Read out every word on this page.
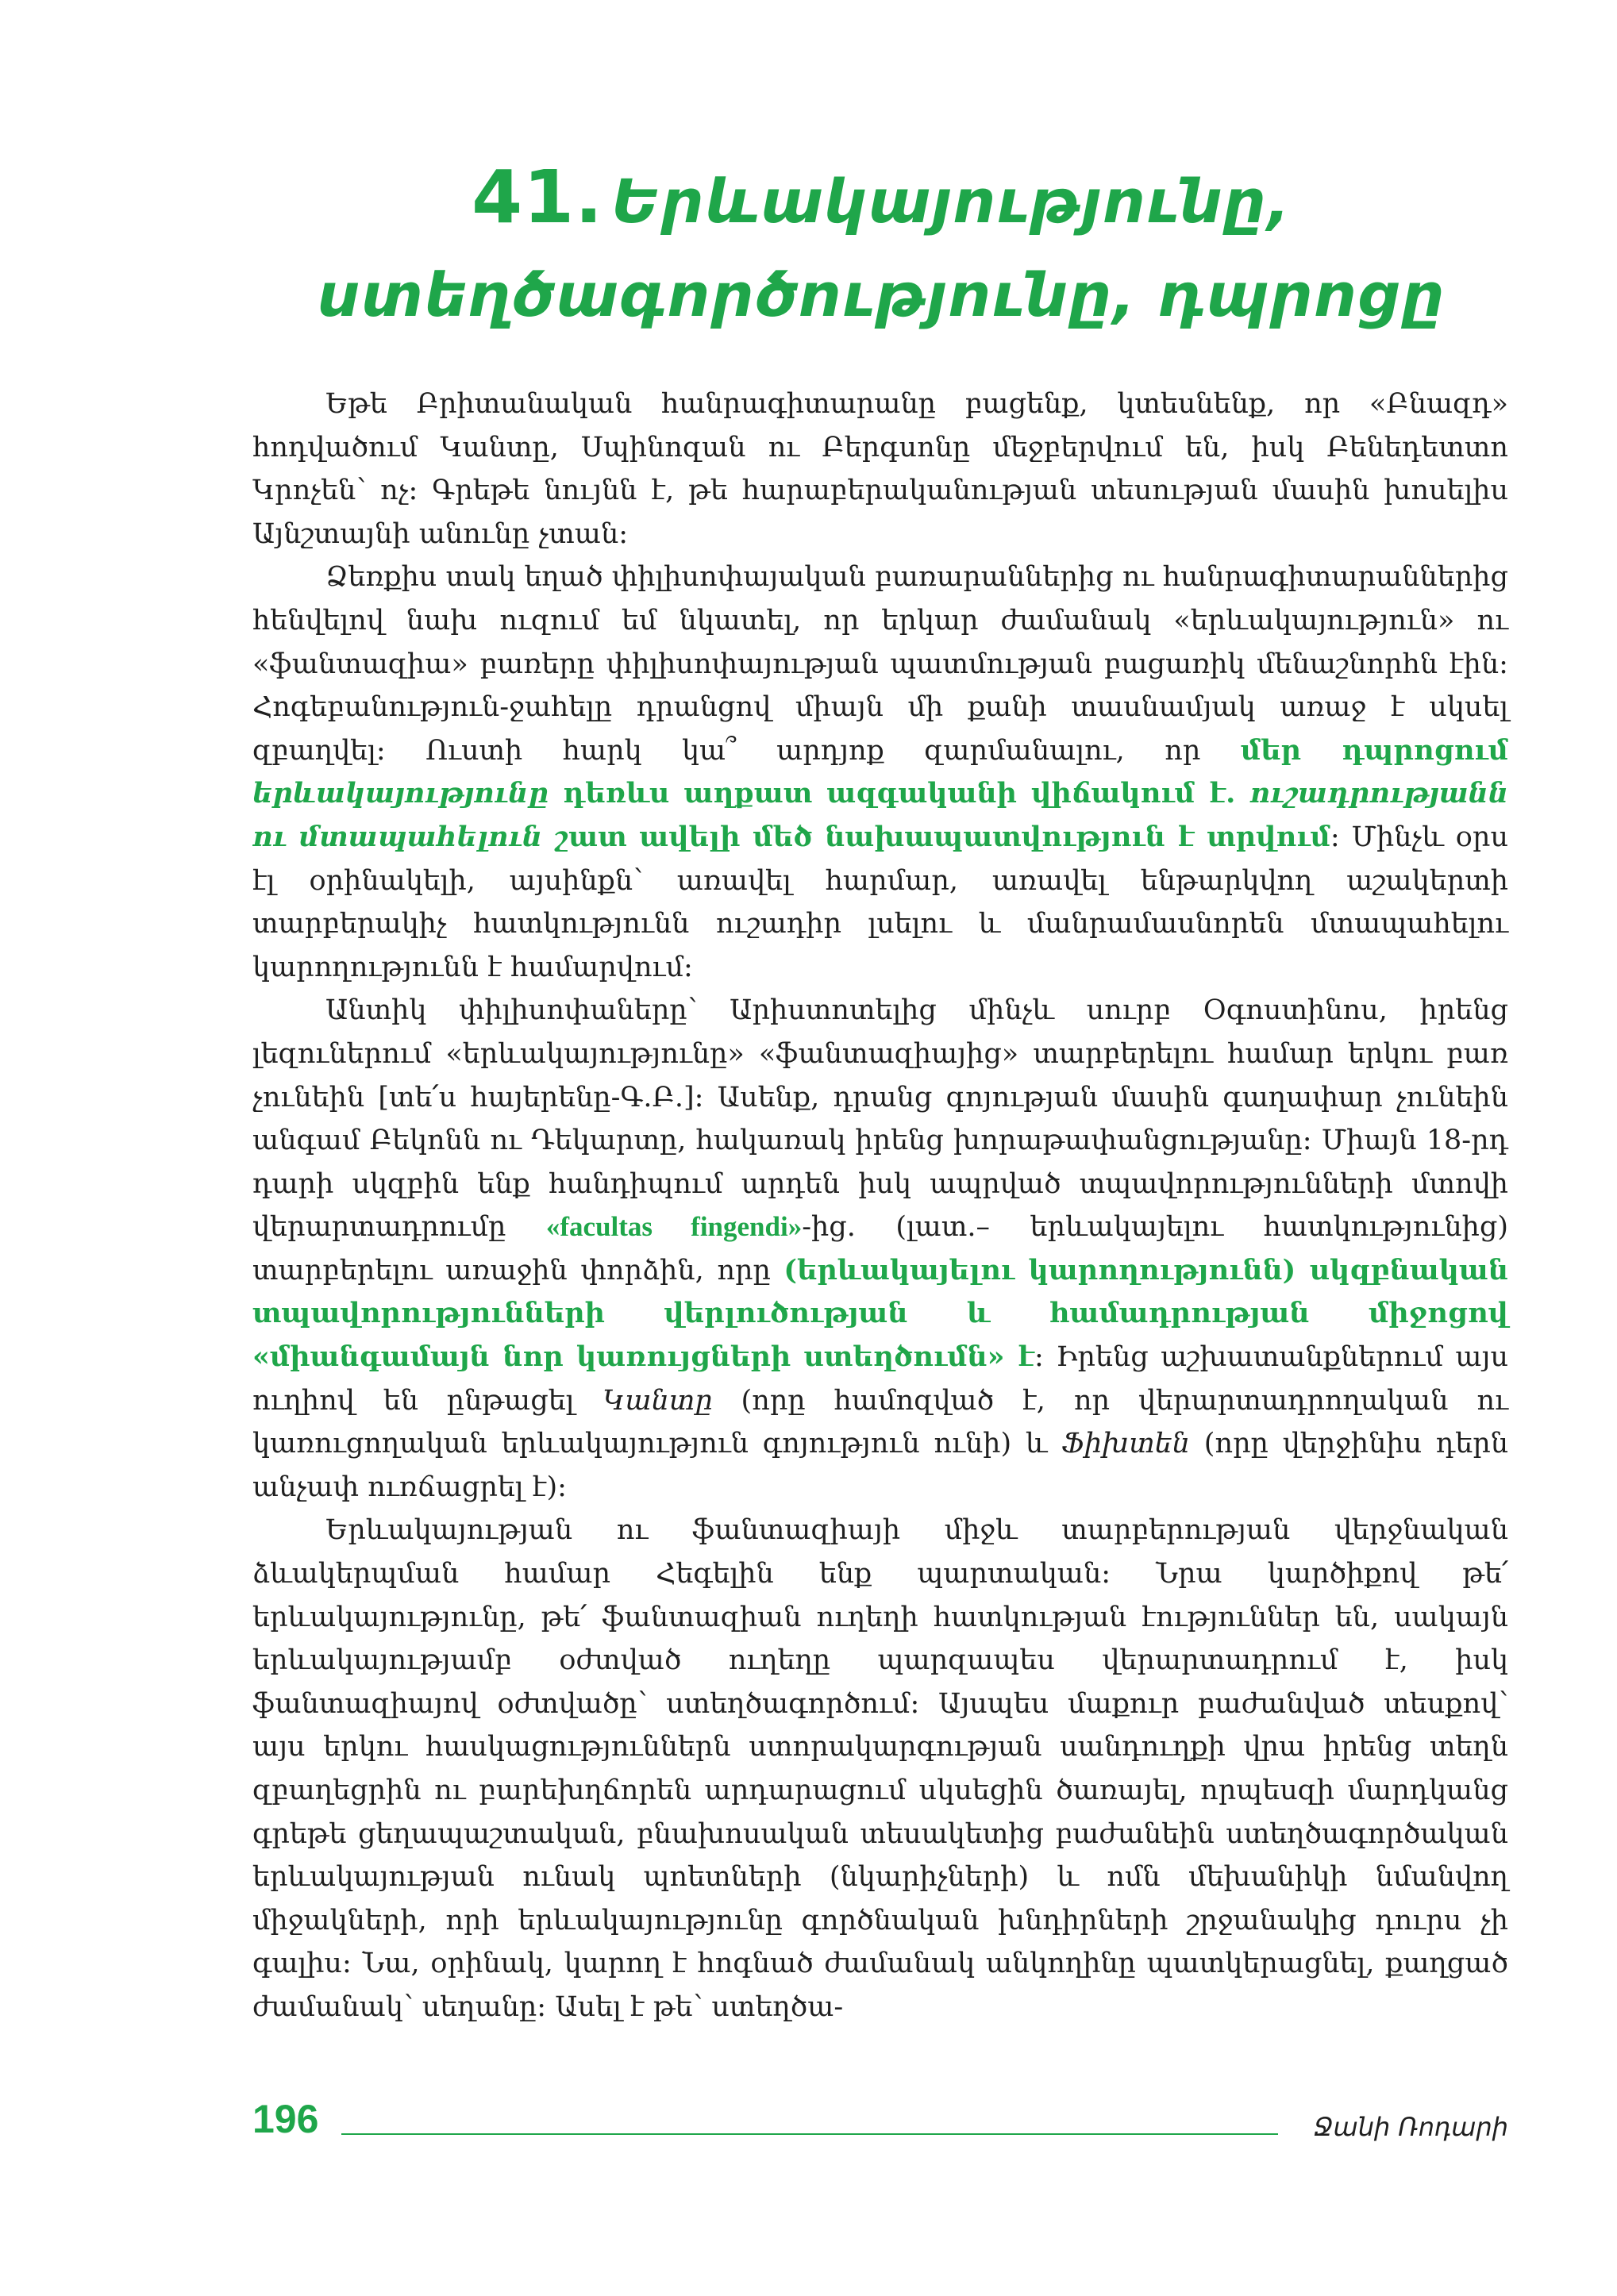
41. Երևակայությունը, ստեղծագործությունը, դպրոցը

Եթե Բրիտանական հանրագիտարանը բացենք, կտեսնենք, որ «Բնազդ» հոդվածում Կանտը, Սպինոզան ու Բերգսոնը մեջբերվում են, իսկ Բենեդետտո Կրոչեն՝ ոչ։ Գրեթե նույնն է, թե հարաբերականության տեսության մասին խոսելիս Այնշտայնի անունը չտան։

Ձեռքիս տակ եղած փիլիսոփայական բառարաններից ու հանրագիտարաններից հենվելով նախ ուզում եմ նկատել, որ երկար ժամանակ «երևակայություն» ու «ֆանտազիա» բառերը փիլիսոփայության պատմության բացառիկ մենաշնորհն էին։ Հոգեբանություն-ջահելը դրանցով միայն մի քանի տասնամյակ առաջ է սկսել զբաղվել։ Ուստի հարկ կա՞ արդյոք զարմանալու, որ մեր դպրոցում երևակայությունը դեռևս աղքատ ազգականի վիճակում է. ուշադրությանն ու մտապահելուն շատ ավելի մեծ նախապատվություն է տրվում։ Մինչև օրս էլ օրինակելի, այսինքն՝ առավել հարմար, առավել ենթարկվող աշակերտի տարբերակիչ հատկությունն ուշադիր լսելու և մանրամասնորեն մտապահելու կարողությունն է համարվում։

Անտիկ փիլիսոփաները՝ Արիստոտելից մինչև սուրբ Օգոստինոս, իրենց լեզուներում «երևակայությունը» «ֆանտազիայից» տարբերելու համար երկու բառ չունեին [տե՛ս հայերենը-Գ.Բ.]։ Ասենք, դրանց գոյության մասին գաղափար չունեին անգամ Բեկոնն ու Դեկարտը, հակառակ իրենց խորաթափանցությանը։ Միայն 18-րդ դարի սկզբին ենք հանդիպում արդեն իսկ ապրված տպավորությունների մտովի վերարտադրումը «facultas fingendi»-ից. (լատ.– երևակայելու հատկությունից) տարբերելու առաջին փորձին, որը (երևակայելու կարողությունն) սկզբնական տպավորությունների վերլուծության և համադրության միջոցով «միանգամայն նոր կառույցների ստեղծումն» է։ Իրենց աշխատանքներում այս ուղիով են ընթացել Կանտը (որը համոզված է, որ վերարտադրողական ու կառուցողական երևակայություն գոյություն ունի) և Ֆիխտեն (որը վերջինիս դերն անչափ ուռճացրել է)։

Երևակայության ու ֆանտազիայի միջև տարբերության վերջնական ձևակերպման համար Հեգելին ենք պարտական։ Նրա կարծիքով թե՛ երևակայությունը, թե՛ ֆանտազիան ուղեղի հատկության էություններ են, սակայն երևակայությամբ օժտված ուղեղը պարզապես վերարտադրում է, իսկ ֆանտազիայով օժտվածը՝ ստեղծագործում։ Այսպես մաքուր բաժանված տեսքով՝ այս երկու հասկացություններն ստորակարգության սանդուղքի վրա իրենց տեղն զբաղեցրին ու բարեխղճորեն արդարացում սկսեցին ծառայել, որպեսզի մարդկանց գրեթե ցեղապաշտական, բնախոսական տեսակետից բաժանեին ստեղծագործական երևակայության ունակ պոետների (նկարիչների) և ոմն մեխանիկի նմանվող միջակների, որի երևակայությունը գործնական խնդիրների շրջանակից դուրս չի գալիս։ Նա, օրինակ, կարող է հոգնած ժամանակ անկողինը պատկերացնել, քաղցած ժամանակ՝ սեղանը։ Ասել է թե՝ ստեղծա-

196	Ջանի Ռոդարի
